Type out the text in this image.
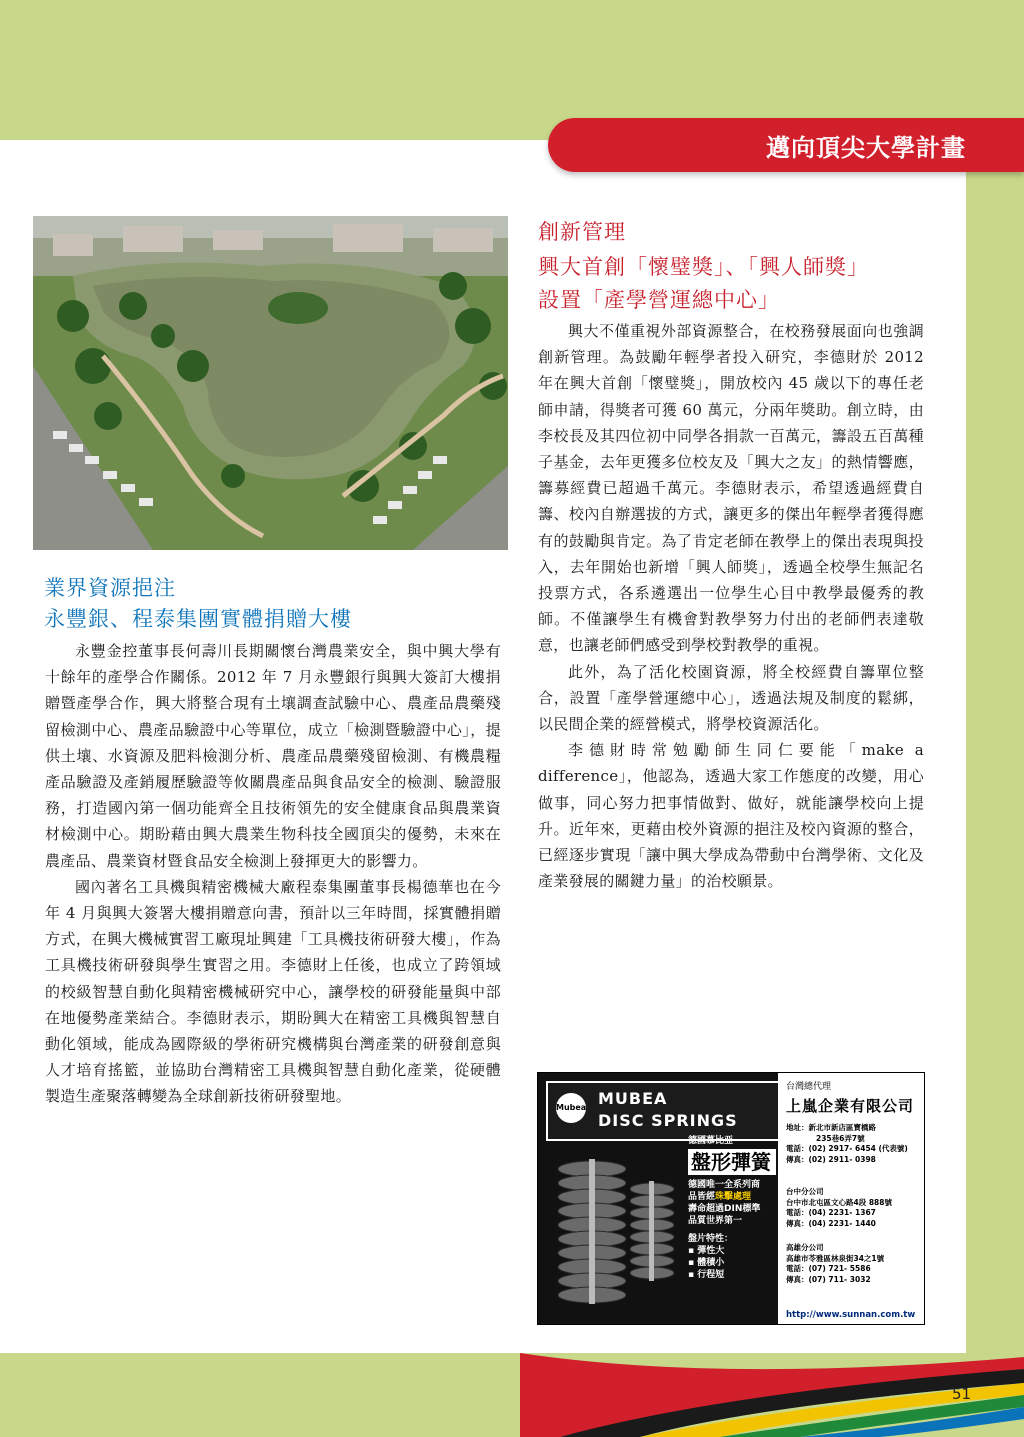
邁向頂尖大學計畫
業界資源挹注
永豐銀、程泰集團實體捐贈大樓

永豐金控董事長何壽川長期關懷台灣農業安全，與中興大學有十餘年的產學合作關係。2012 年 7 月永豐銀行與興大簽訂大樓捐贈暨產學合作，興大將整合現有土壤調查試驗中心、農產品農藥殘留檢測中心、農產品驗證中心等單位，成立「檢測暨驗證中心」，提供土壤、水資源及肥料檢測分析、農產品農藥殘留檢測、有機農糧產品驗證及產銷履歷驗證等攸關農產品與食品安全的檢測、驗證服務，打造國內第一個功能齊全且技術領先的安全健康食品與農業資材檢測中心。期盼藉由興大農業生物科技全國頂尖的優勢，未來在農產品、農業資材暨食品安全檢測上發揮更大的影響力。

國內著名工具機與精密機械大廠程泰集團董事長楊德華也在今年 4 月與興大簽署大樓捐贈意向書，預計以三年時間，採實體捐贈方式，在興大機械實習工廠現址興建「工具機技術研發大樓」，作為工具機技術研發與學生實習之用。李德財上任後，也成立了跨領域的校級智慧自動化與精密機械研究中心，讓學校的研發能量與中部在地優勢產業結合。李德財表示，期盼興大在精密工具機與智慧自動化領域，能成為國際級的學術研究機構與台灣產業的研發創意與人才培育搖籃，並協助台灣精密工具機與智慧自動化產業，從硬體製造生產聚落轉變為全球創新技術研發聖地。

創新管理
興大首創「懷璧獎」、「興人師獎」
設置「產學營運總中心」

興大不僅重視外部資源整合，在校務發展面向也強調創新管理。為鼓勵年輕學者投入研究，李德財於 2012 年在興大首創「懷璧獎」，開放校內 45 歲以下的專任老師申請，得獎者可獲 60 萬元，分兩年獎助。創立時，由李校長及其四位初中同學各捐款一百萬元，籌設五百萬種子基金，去年更獲多位校友及「興大之友」的熱情響應，籌募經費已超過千萬元。李德財表示，希望透過經費自籌、校內自辦選拔的方式，讓更多的傑出年輕學者獲得應有的鼓勵與肯定。為了肯定老師在教學上的傑出表現與投入，去年開始也新增「興人師獎」，透過全校學生無記名投票方式，各系遴選出一位學生心目中教學最優秀的教師。不僅讓學生有機會對教學努力付出的老師們表達敬意，也讓老師們感受到學校對教學的重視。

此外，為了活化校園資源，將全校經費自籌單位整合，設置「產學營運總中心」，透過法規及制度的鬆綁，以民間企業的經營模式，將學校資源活化。

李德財時常勉勵師生同仁要能「make a difference」，他認為，透過大家工作態度的改變，用心做事，同心努力把事情做對、做好，就能讓學校向上提升。近年來，更藉由校外資源的挹注及校內資源的整合，已經逐步實現「讓中興大學成為帶動中台灣學術、文化及產業發展的關鍵力量」的治校願景。

Mubea MUBEA
DISC SPRINGS
德國慕比亞
盤形彈簧
德國唯一全系列商
品皆經珠擊處理
壽命超過DIN標準
品質世界第一
盤片特性：
▪ 彈性大
▪ 體積小
▪ 行程短
台灣總代理
上嵐企業有限公司
地址：新北市新店區寶橋路
235巷6弄7號
電話：(02) 2917- 6454 (代表號)
傳真：(02) 2911- 0398
台中分公司
台中市北屯區文心路4段 888號
電話：(04) 2231- 1367
傳真：(04) 2231- 1440
高雄分公司
高雄市苓雅區林泉街34之1號
電話：(07) 721- 5586
傳真：(07) 711- 3032
http://www.sunnan.com.tw
51
